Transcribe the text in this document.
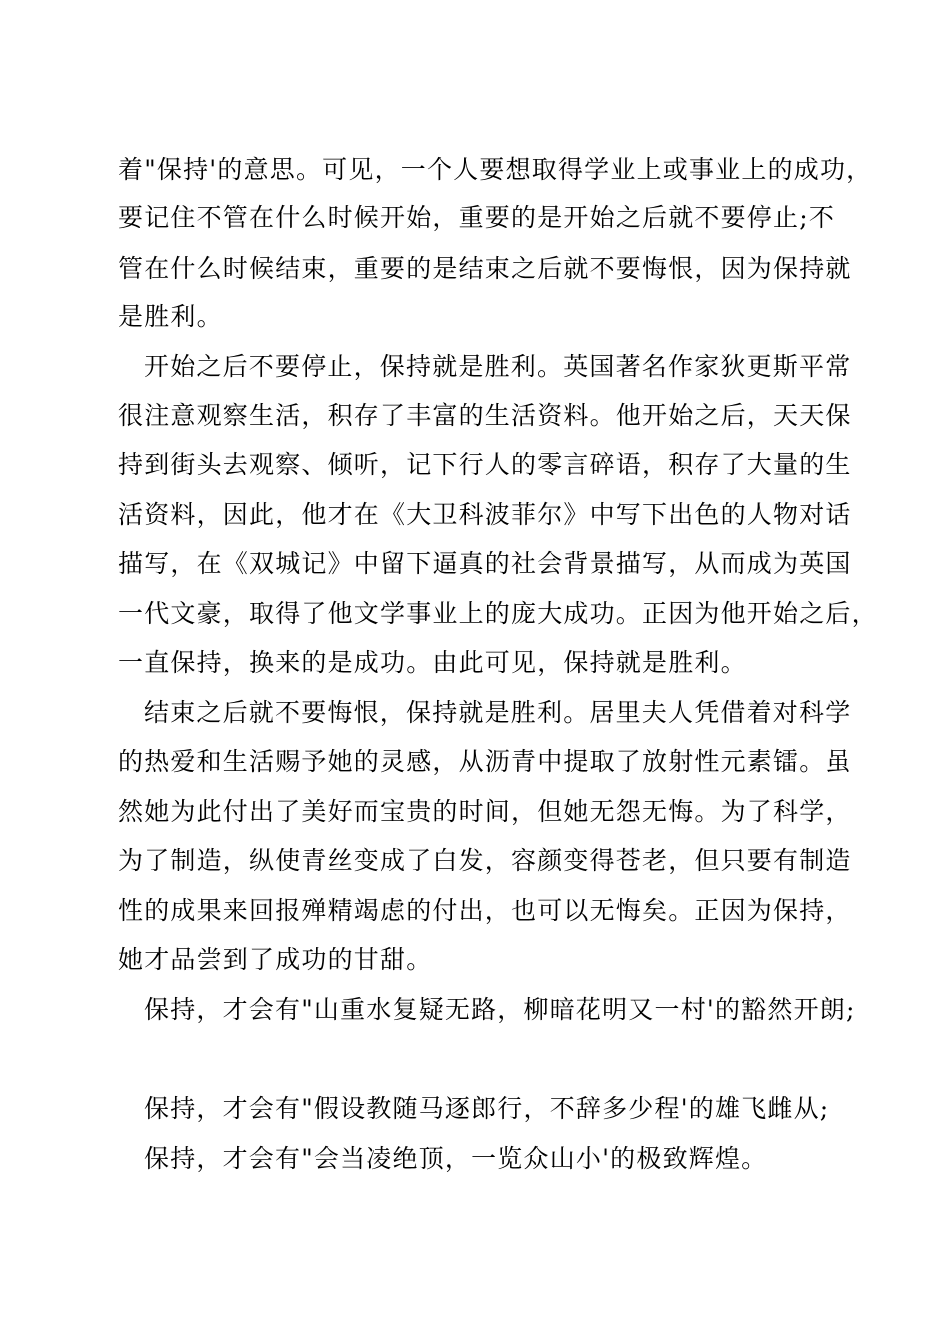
着"保持'的意思。可见，一个人要想取得学业上或事业上的成功，

要记住不管在什么时候开始，重要的是开始之后就不要停止;不

管在什么时候结束，重要的是结束之后就不要悔恨，因为保持就

是胜利。

开始之后不要停止，保持就是胜利。英国著名作家狄更斯平常

很注意观察生活，积存了丰富的生活资料。他开始之后，天天保

持到街头去观察、倾听，记下行人的零言碎语，积存了大量的生

活资料，因此，他才在《大卫科波菲尔》中写下出色的人物对话

描写，在《双城记》中留下逼真的社会背景描写，从而成为英国

一代文豪，取得了他文学事业上的庞大成功。正因为他开始之后，

一直保持，换来的是成功。由此可见，保持就是胜利。

结束之后就不要悔恨，保持就是胜利。居里夫人凭借着对科学

的热爱和生活赐予她的灵感，从沥青中提取了放射性元素镭。虽

然她为此付出了美好而宝贵的时间，但她无怨无悔。为了科学，

为了制造，纵使青丝变成了白发，容颜变得苍老，但只要有制造

性的成果来回报殚精竭虑的付出，也可以无悔矣。正因为保持，

她才品尝到了成功的甘甜。

保持，才会有"山重水复疑无路，柳暗花明又一村'的豁然开朗;

保持，才会有"假设教随马逐郎行，不辞多少程'的雄飞雌从;

保持，才会有"会当凌绝顶，一览众山小'的极致辉煌。
